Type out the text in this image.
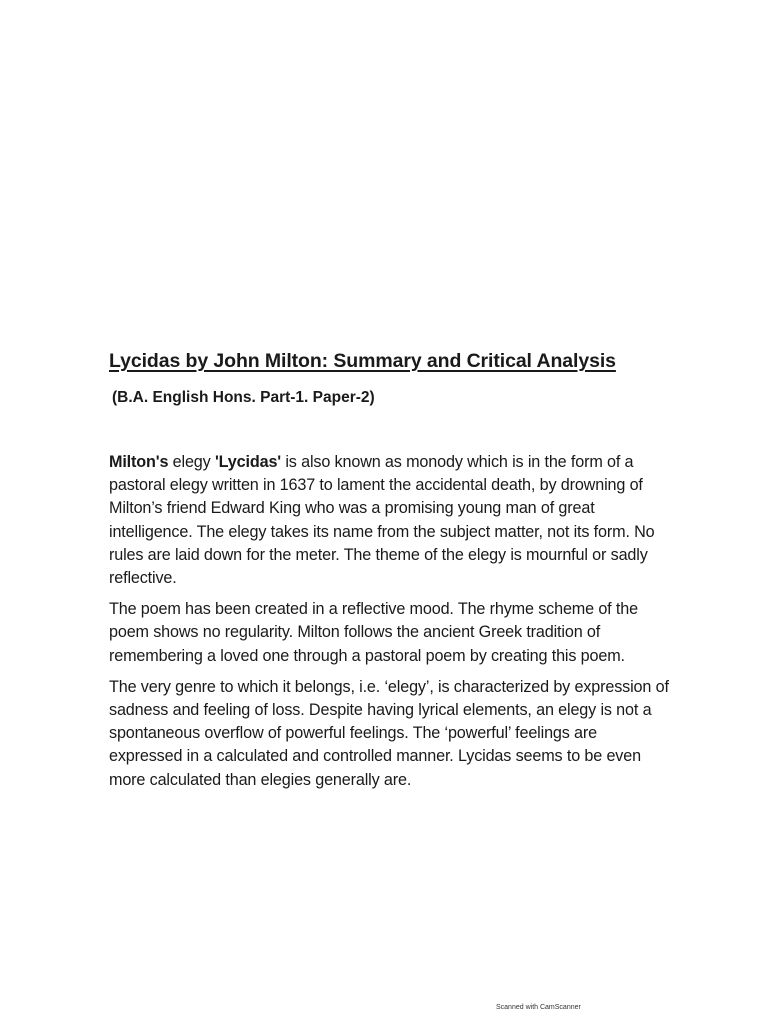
Lycidas by John Milton: Summary and Critical Analysis

(B.A. English Hons. Part-1. Paper-2)

Milton's elegy 'Lycidas' is also known as monody which is in the form of a pastoral elegy written in 1637 to lament the accidental death, by drowning of Milton’s friend Edward King who was a promising young man of great intelligence. The elegy takes its name from the subject matter, not its form. No rules are laid down for the meter. The theme of the elegy is mournful or sadly reflective.

The poem has been created in a reflective mood. The rhyme scheme of the poem shows no regularity. Milton follows the ancient Greek tradition of remembering a loved one through a pastoral poem by creating this poem.

The very genre to which it belongs, i.e. ‘elegy’, is characterized by expression of sadness and feeling of loss. Despite having lyrical elements, an elegy is not a spontaneous overflow of powerful feelings. The ‘powerful’ feelings are expressed in a calculated and controlled manner. Lycidas seems to be even more calculated than elegies generally are.

Scanned with CamScanner
